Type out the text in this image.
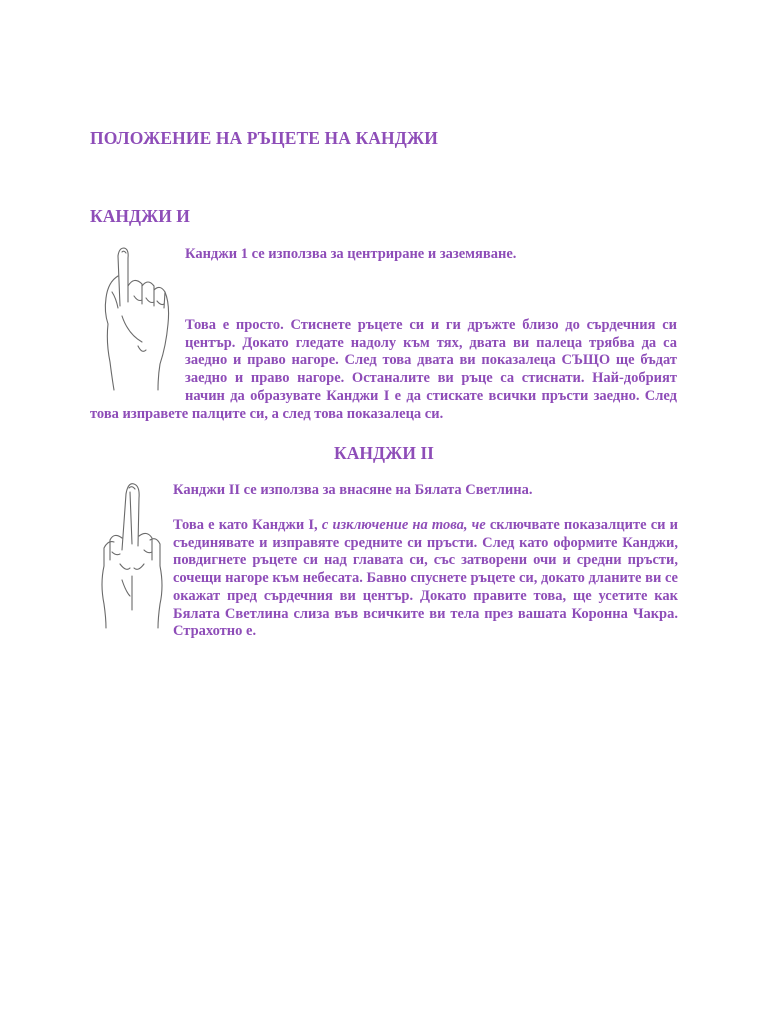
ПОЛОЖЕНИЕ НА РЪЦЕТЕ НА КАНДЖИ
КАНДЖИ И

Канджи 1 се използва за центриране и заземяване.

Това е просто. Стиснете ръцете си и ги дръжте близо до сърдечния си център. Докато гледате надолу към тях, двата ви палеца трябва да са заедно и право нагоре. След това двата ви показалеца СЪЩО ще бъдат заедно и право нагоре. Останалите ви ръце са стиснати. Най-добрият начин да образувате Канджи I е да стискате всички пръсти заедно. След това изправете палците си, а след това показалеца си.

КАНДЖИ II

Канджи II се използва за внасяне на Бялата Светлина.

Това е като Канджи I, с изключение на това, че сключвате показалците си и съединявате и изправяте средните си пръсти. След като оформите Канджи, повдигнете ръцете си над главата си, със затворени очи и средни пръсти, сочещи нагоре към небесата. Бавно спуснете ръцете си, докато дланите ви се окажат пред сърдечния ви център. Докато правите това, ще усетите как Бялата Светлина слиза във всичките ви тела през вашата Коронна Чакра. Страхотно е.
